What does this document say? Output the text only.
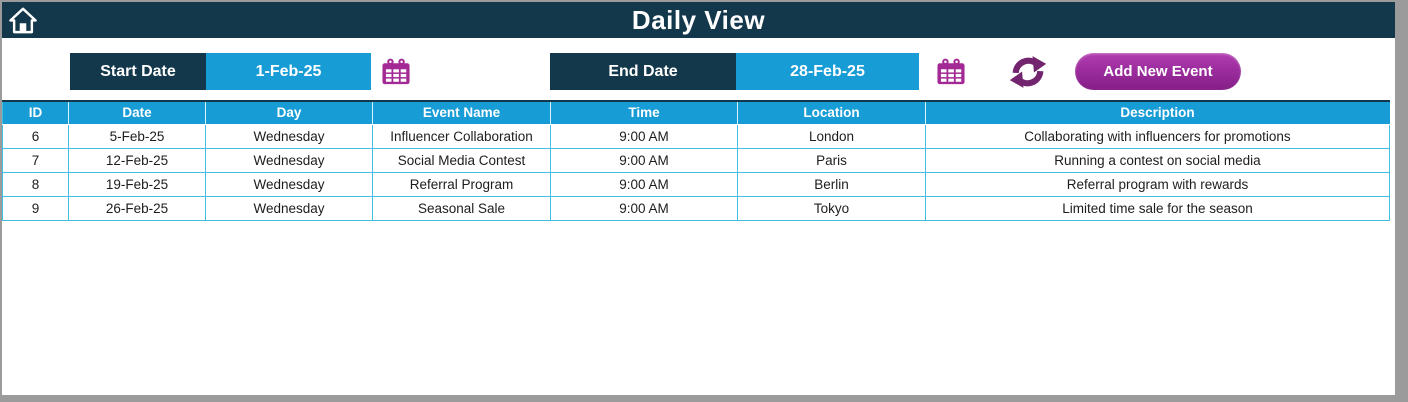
Daily View
Start Date	1-Feb-25	End Date	28-Feb-25	Add New Event
ID	Date	Day	Event Name	Time	Location	Description
6	5-Feb-25	Wednesday	Influencer Collaboration	9:00 AM	London	Collaborating with influencers for promotions
7	12-Feb-25	Wednesday	Social Media Contest	9:00 AM	Paris	Running a contest on social media
8	19-Feb-25	Wednesday	Referral Program	9:00 AM	Berlin	Referral program with rewards
9	26-Feb-25	Wednesday	Seasonal Sale	9:00 AM	Tokyo	Limited time sale for the season
